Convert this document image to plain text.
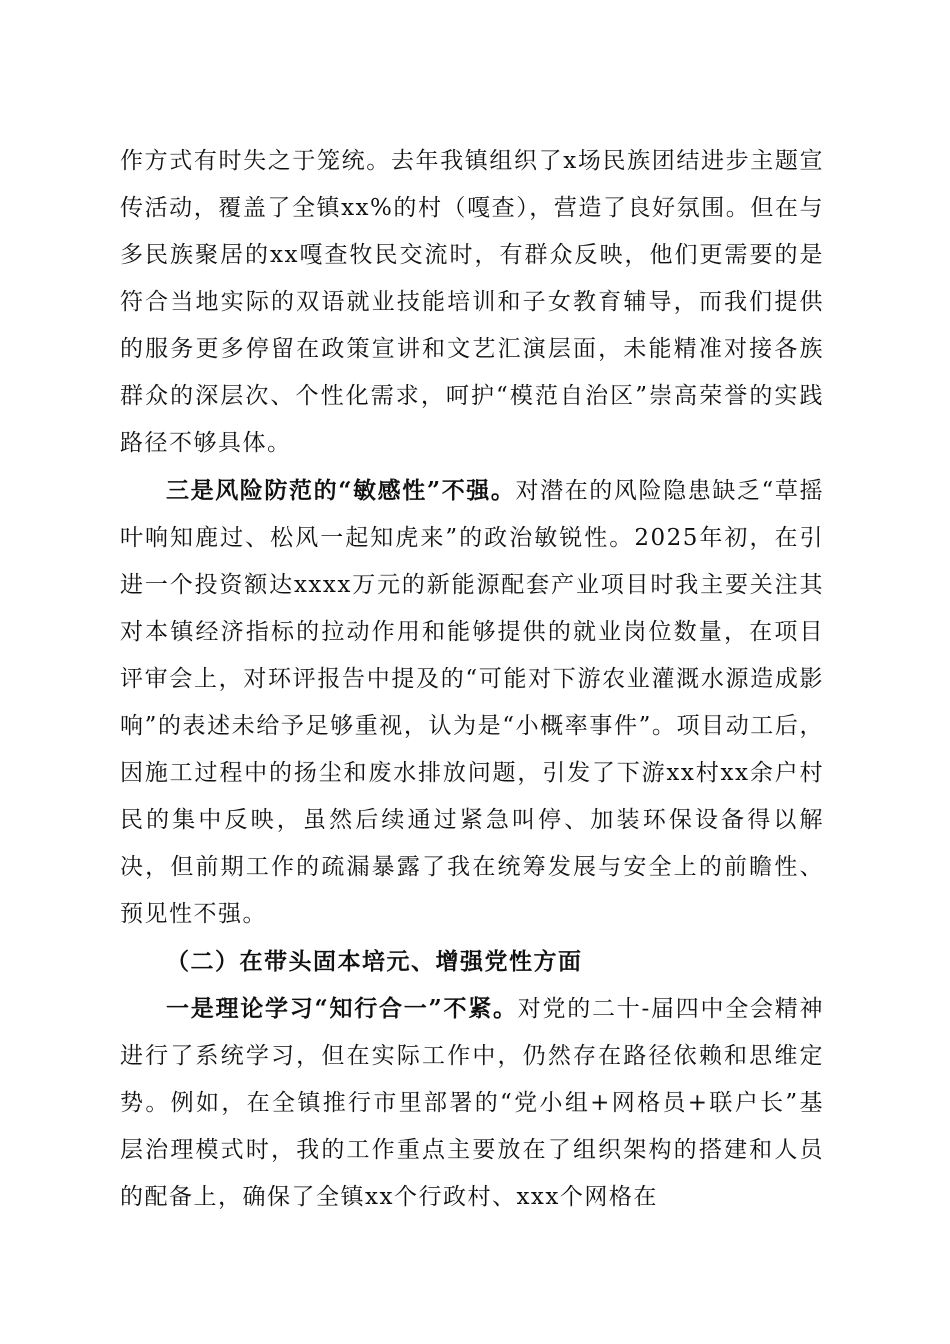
作方式有时失之于笼统。去年我镇组织了x场民族团结进步主题宣传活动，覆盖了全镇xx%的村（嘎查），营造了良好氛围。但在与多民族聚居的xx嘎查牧民交流时，有群众反映，他们更需要的是符合当地实际的双语就业技能培训和子女教育辅导，而我们提供的服务更多停留在政策宣讲和文艺汇演层面，未能精准对接各族群众的深层次、个性化需求，呵护“模范自治区”崇高荣誉的实践路径不够具体。

三是风险防范的“敏感性”不强。对潜在的风险隐患缺乏“草摇叶响知鹿过、松风一起知虎来”的政治敏锐性。2025年初，在引进一个投资额达xxxx万元的新能源配套产业项目时我主要关注其对本镇经济指标的拉动作用和能够提供的就业岗位数量，在项目评审会上，对环评报告中提及的“可能对下游农业灌溉水源造成影响”的表述未给予足够重视，认为是“小概率事件”。项目动工后，因施工过程中的扬尘和废水排放问题，引发了下游xx村xx余户村民的集中反映，虽然后续通过紧急叫停、加装环保设备得以解决，但前期工作的疏漏暴露了我在统筹发展与安全上的前瞻性、预见性不强。

（二）在带头固本培元、增强党性方面

一是理论学习“知行合一”不紧。对党的二十-届四中全会精神进行了系统学习，但在实际工作中，仍然存在路径依赖和思维定势。例如，在全镇推行市里部署的“党小组+网格员+联户长”基层治理模式时，我的工作重点主要放在了组织架构的搭建和人员的配备上，确保了全镇xx个行政村、xxx个网格在
